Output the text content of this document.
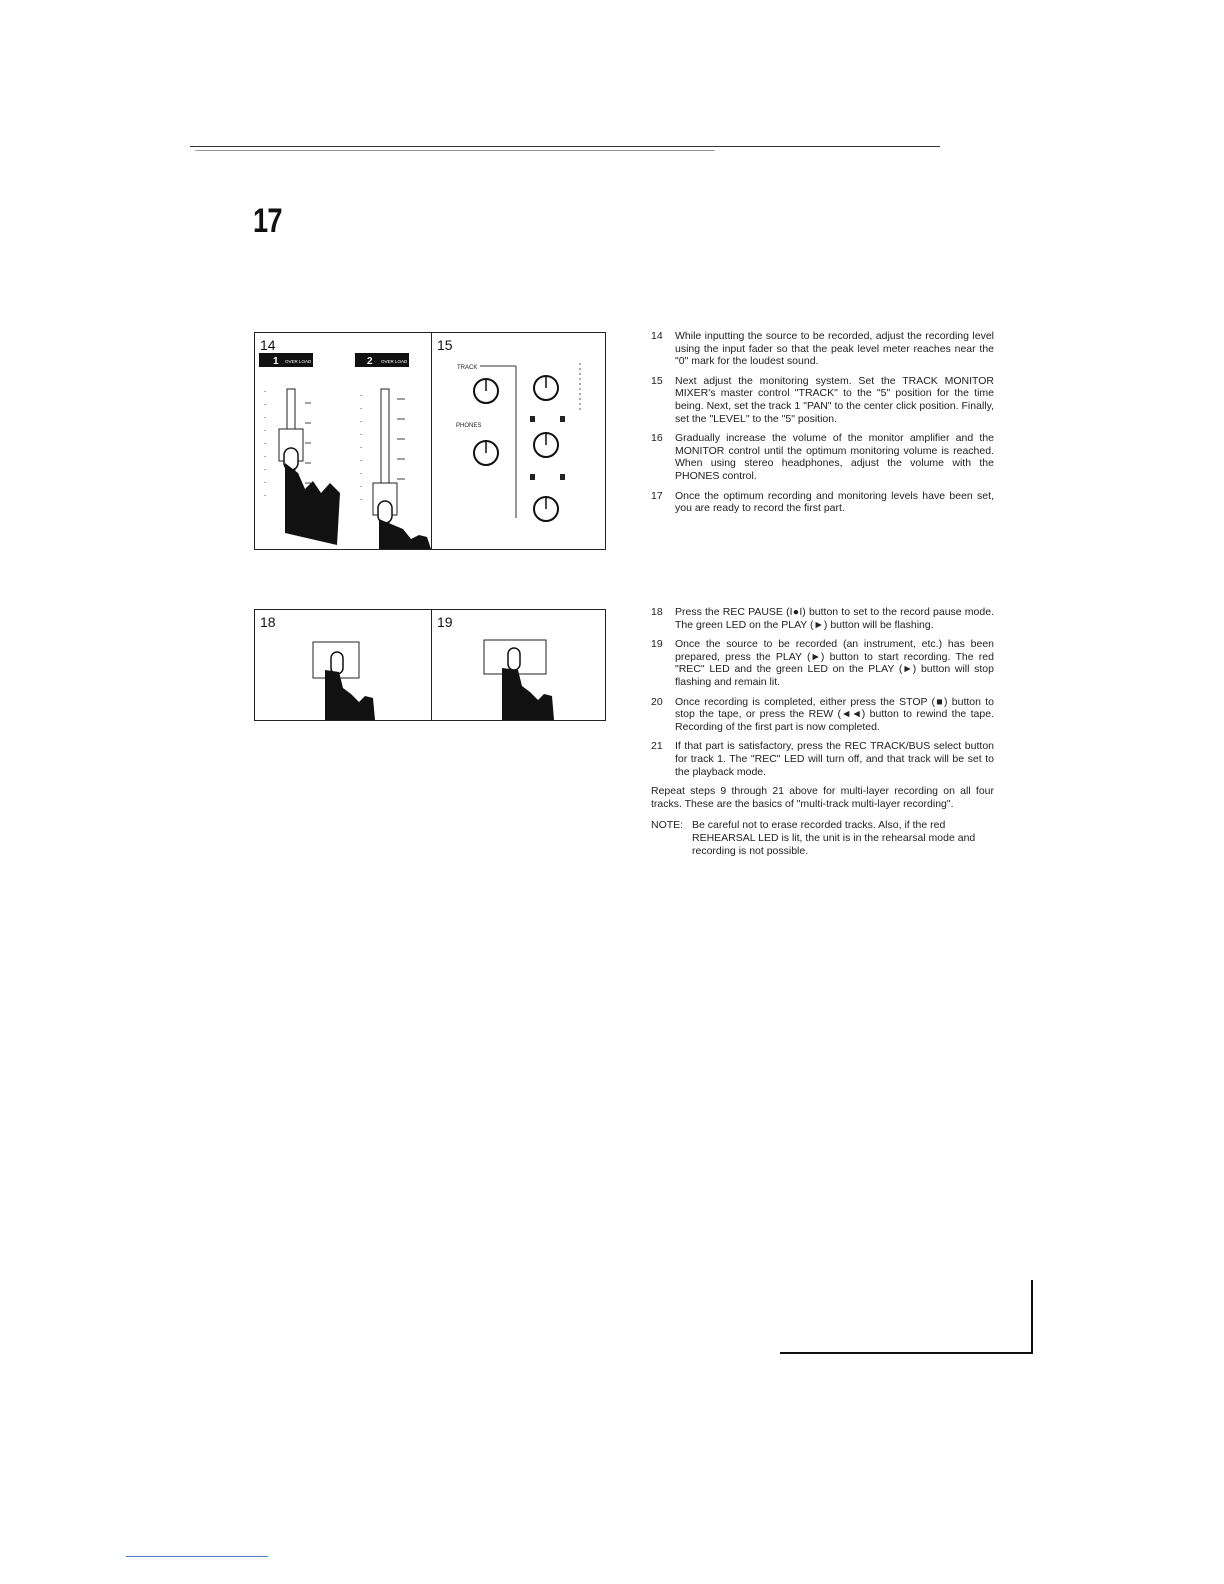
17
14
1 OVER LOAD	2 OVER LOAD
15
TRACK
PHONES
18	19
14	While inputting the source to be recorded, adjust the recording level using the input fader so that the peak level meter reaches near the "0" mark for the loudest sound.
15	Next adjust the monitoring system. Set the TRACK MONITOR MIXER's master control "TRACK" to the "5" position for the time being. Next, set the track 1 "PAN" to the center click position. Finally, set the "LEVEL" to the "5" position.
16	Gradually increase the volume of the monitor amplifier and the MONITOR control until the optimum monitoring volume is reached. When using stereo headphones, adjust the volume with the PHONES control.
17	Once the optimum recording and monitoring levels have been set, you are ready to record the first part.
18	Press the REC PAUSE (I●I) button to set to the record pause mode. The green LED on the PLAY (►) button will be flashing.
19	Once the source to be recorded (an instrument, etc.) has been prepared, press the PLAY (►) button to start recording. The red "REC" LED and the green LED on the PLAY (►) button will stop flashing and remain lit.
20	Once recording is completed, either press the STOP (■) button to stop the tape, or press the REW (◄◄) button to rewind the tape. Recording of the first part is now completed.
21	If that part is satisfactory, press the REC TRACK/BUS select button for track 1. The "REC" LED will turn off, and that track will be set to the playback mode.

Repeat steps 9 through 21 above for multi-layer recording on all four tracks. These are the basics of "multi-track multi-layer recording".

NOTE: Be careful not to erase recorded tracks. Also, if the red REHEARSAL LED is lit, the unit is in the rehearsal mode and recording is not possible.
